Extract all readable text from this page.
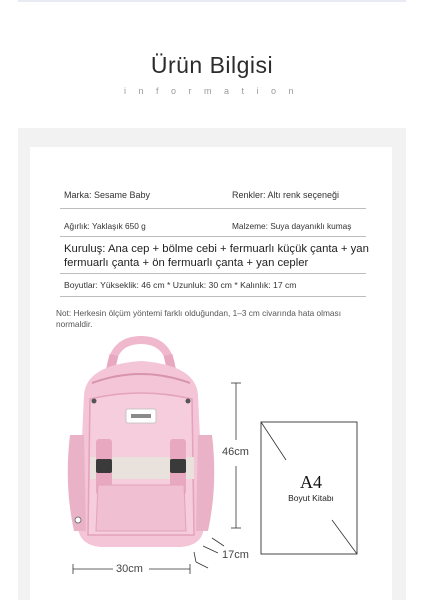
Ürün Bilgisi
information
Marka: Sesame Baby	Renkler: Altı renk seçeneği
Ağırlık: Yaklaşık 650 g	Malzeme: Suya dayanıklı kumaş
Kuruluş: Ana cep + bölme cebi + fermuarlı küçük çanta + yan
fermuarlı çanta + ön fermuarlı çanta + yan cepler
Boyutlar: Yükseklik: 46 cm * Uzunluk: 30 cm * Kalınlık: 17 cm
Not: Herkesin ölçüm yöntemi farklı olduğundan, 1–3 cm civarında hata olması
normaldir.
46cm
17cm
30cm
A4
Boyut Kitabı
